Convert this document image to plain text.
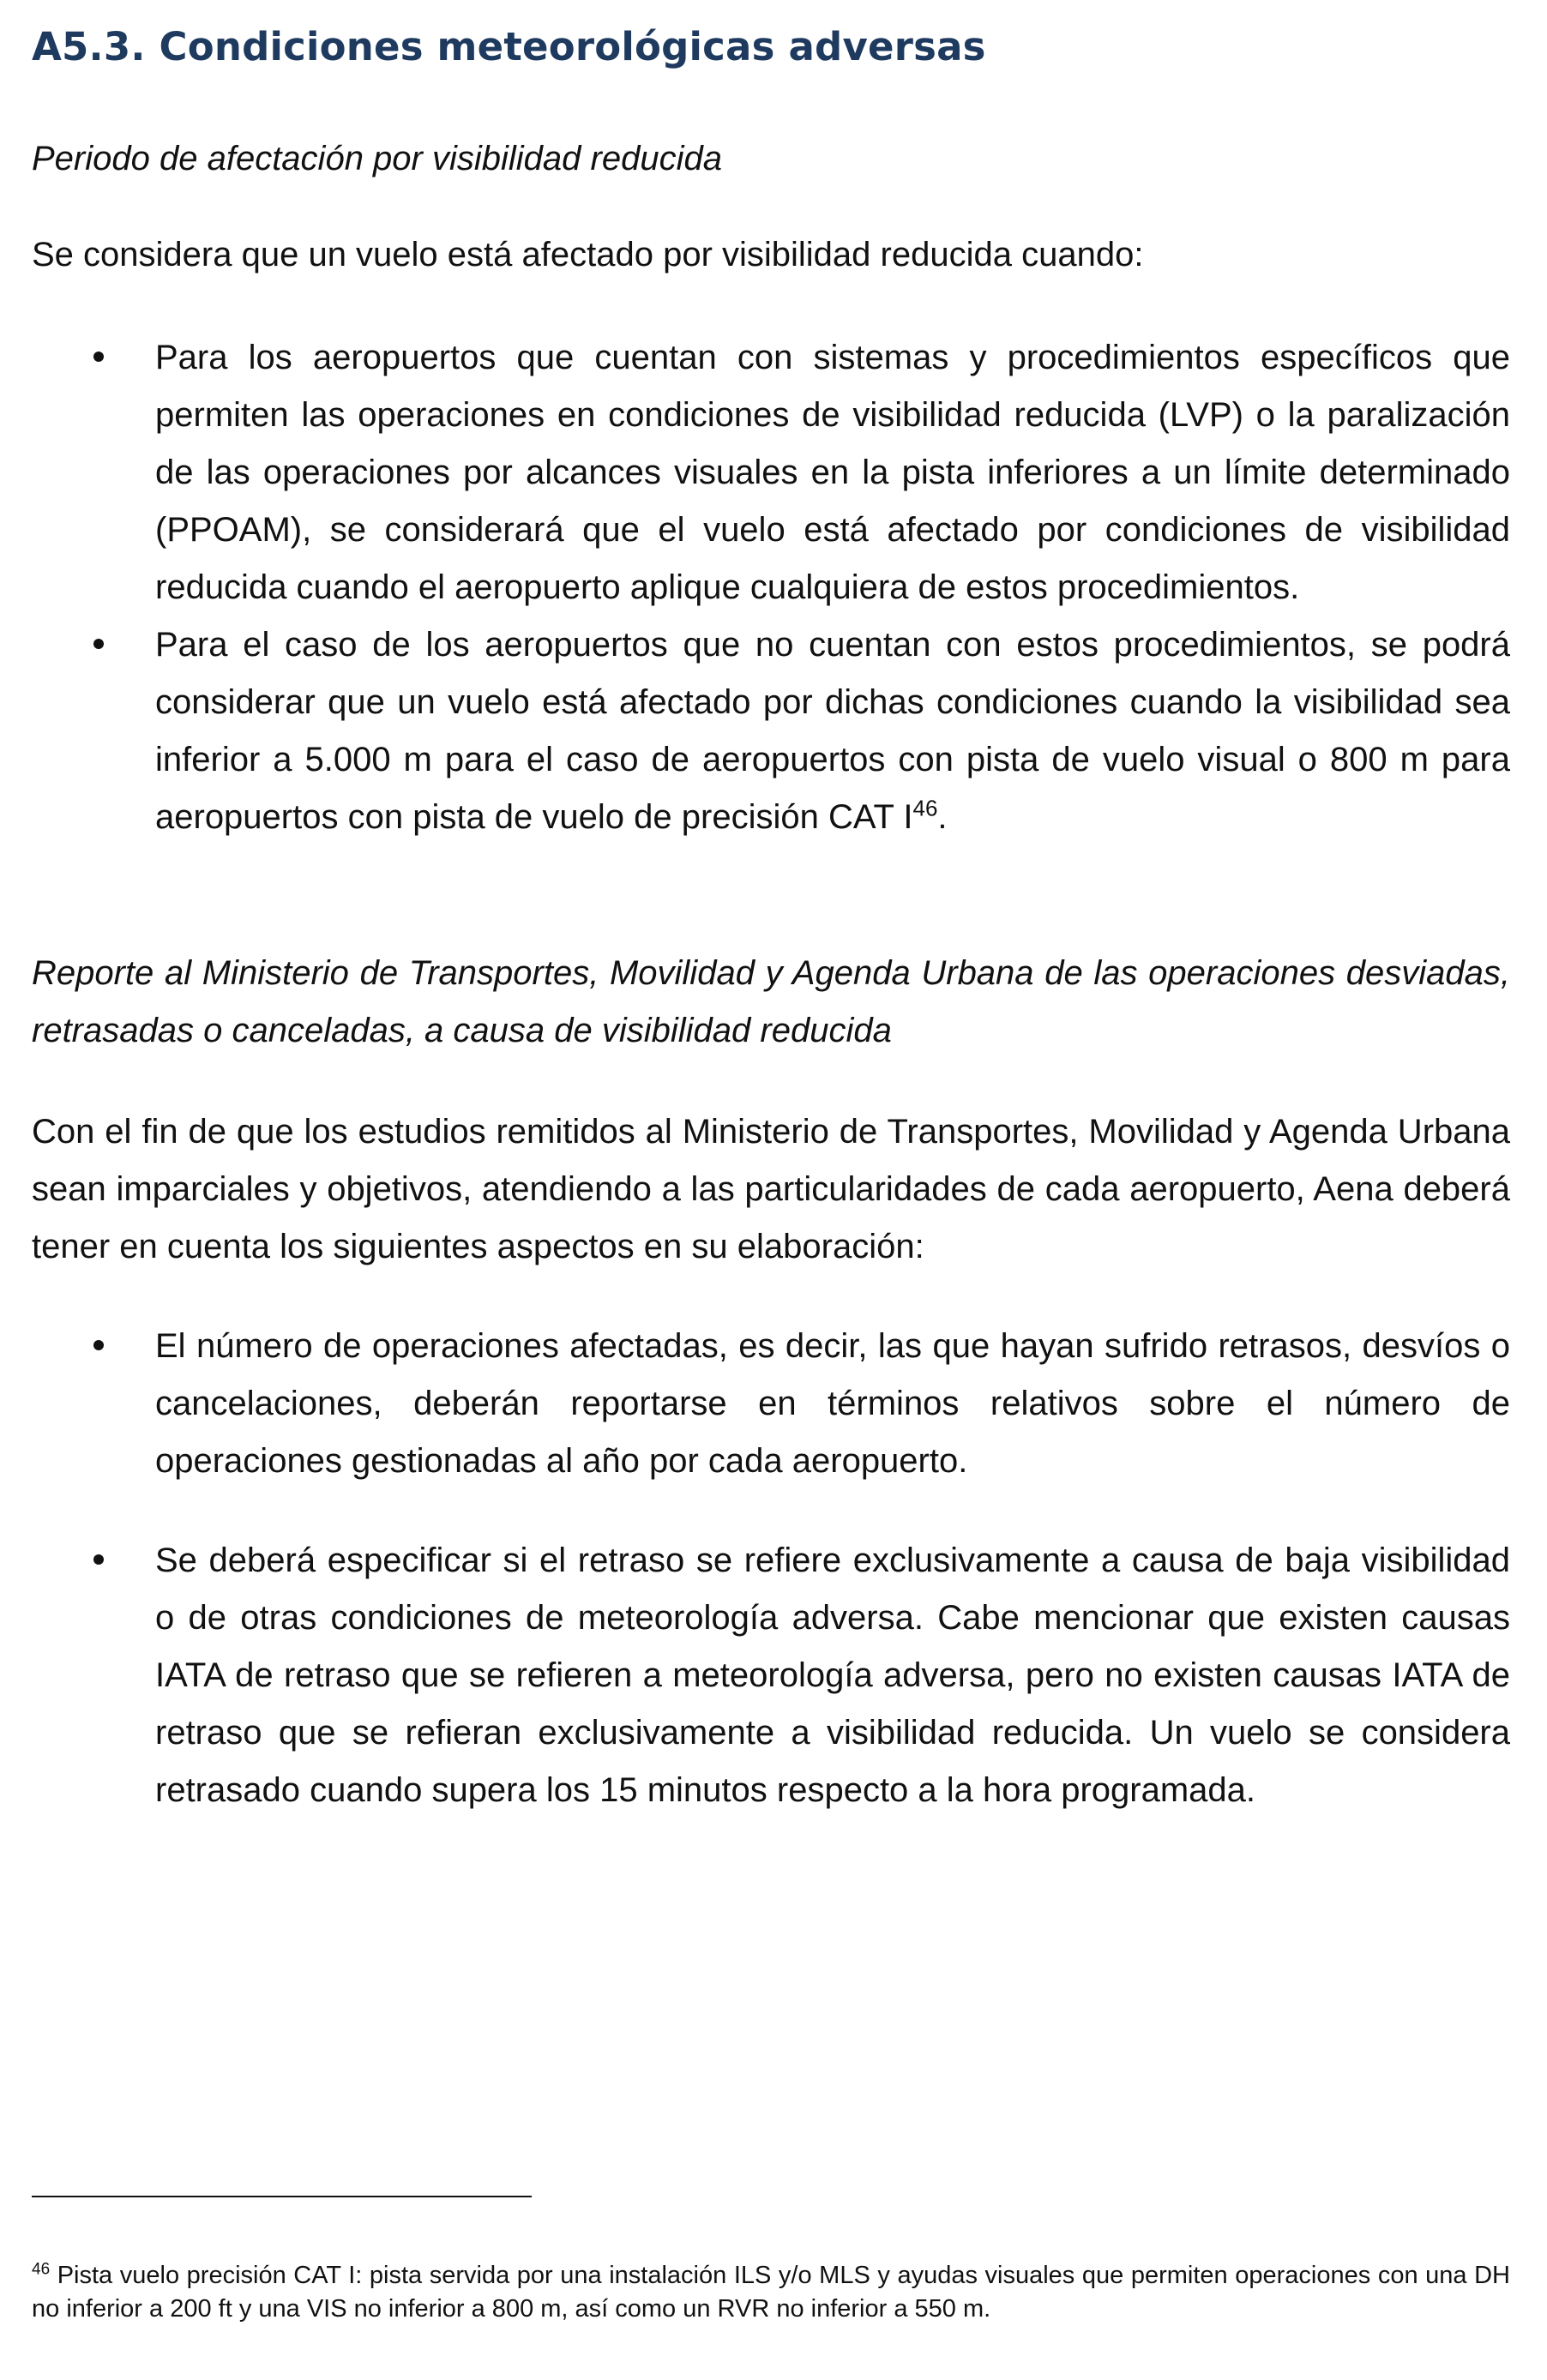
A5.3. Condiciones meteorológicas adversas

Periodo de afectación por visibilidad reducida

Se considera que un vuelo está afectado por visibilidad reducida cuando:

Para los aeropuertos que cuentan con sistemas y procedimientos específicos que permiten las operaciones en condiciones de visibilidad reducida (LVP) o la paralización de las operaciones por alcances visuales en la pista inferiores a un límite determinado (PPOAM), se considerará que el vuelo está afectado por condiciones de visibilidad reducida cuando el aeropuerto aplique cualquiera de estos procedimientos.
Para el caso de los aeropuertos que no cuentan con estos procedimientos, se podrá considerar que un vuelo está afectado por dichas condiciones cuando la visibilidad sea inferior a 5.000 m para el caso de aeropuertos con pista de vuelo visual o 800 m para aeropuertos con pista de vuelo de precisión CAT I$^{46}$.

Reporte al Ministerio de Transportes, Movilidad y Agenda Urbana de las operaciones desviadas, retrasadas o canceladas, a causa de visibilidad reducida

Con el fin de que los estudios remitidos al Ministerio de Transportes, Movilidad y Agenda Urbana sean imparciales y objetivos, atendiendo a las particularidades de cada aeropuerto, Aena deberá tener en cuenta los siguientes aspectos en su elaboración:

El número de operaciones afectadas, es decir, las que hayan sufrido retrasos, desvíos o cancelaciones, deberán reportarse en términos relativos sobre el número de operaciones gestionadas al año por cada aeropuerto.
Se deberá especificar si el retraso se refiere exclusivamente a causa de baja visibilidad o de otras condiciones de meteorología adversa. Cabe mencionar que existen causas IATA de retraso que se refieren a meteorología adversa, pero no existen causas IATA de retraso que se refieran exclusivamente a visibilidad reducida. Un vuelo se considera retrasado cuando supera los 15 minutos respecto a la hora programada.

$^{46}$ Pista vuelo precisión CAT I: pista servida por una instalación ILS y/o MLS y ayudas visuales que permiten operaciones con una DH no inferior a 200 ft y una VIS no inferior a 800 m, así como un RVR no inferior a 550 m.
